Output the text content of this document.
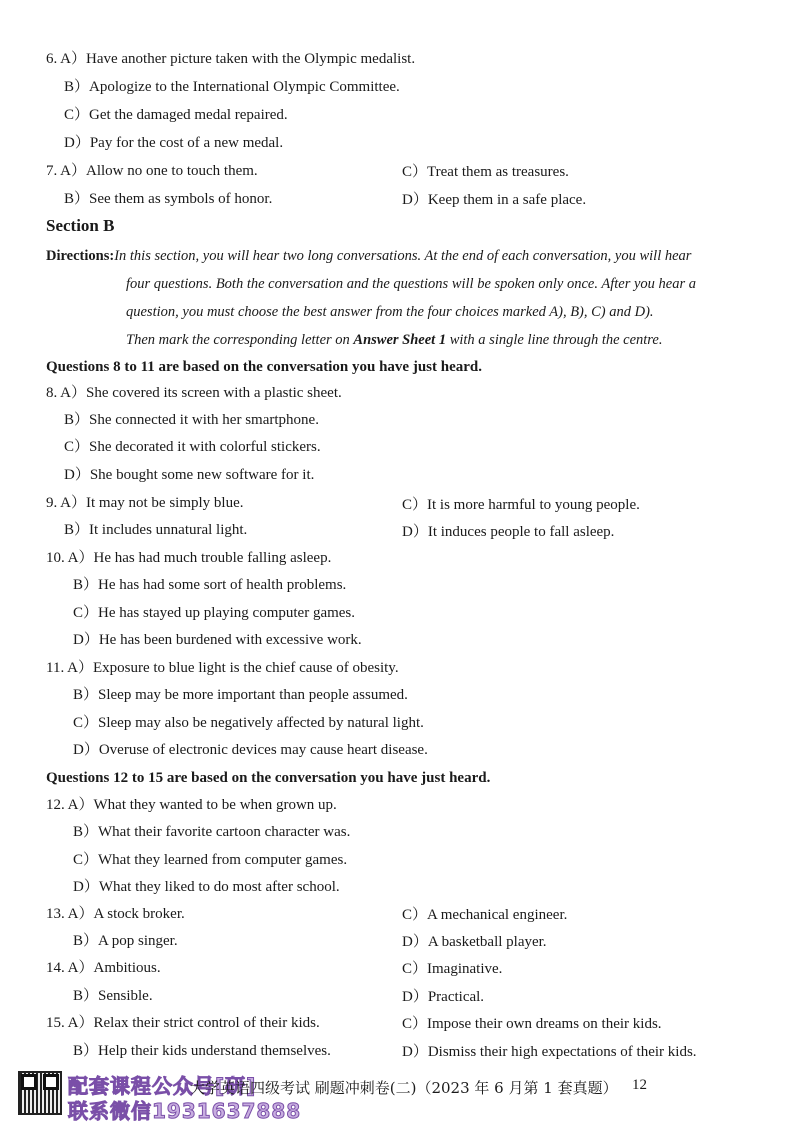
6. A）Have another picture taken with the Olympic medalist.
B）Apologize to the International Olympic Committee.
C）Get the damaged medal repaired.
D）Pay for the cost of a new medal.
7. A）Allow no one to touch them.	C）Treat them as treasures.
B）See them as symbols of honor.	D）Keep them in a safe place.
Section B
Directions:In this section, you will hear two long conversations. At the end of each conversation, you will hear
four questions. Both the conversation and the questions will be spoken only once. After you hear a
question, you must choose the best answer from the four choices marked A), B), C) and D).
Then mark the corresponding letter on Answer Sheet 1 with a single line through the centre.
Questions 8 to 11 are based on the conversation you have just heard.
8. A）She covered its screen with a plastic sheet.
B）She connected it with her smartphone.
C）She decorated it with colorful stickers.
D）She bought some new software for it.
9. A）It may not be simply blue.	C）It is more harmful to young people.
B）It includes unnatural light.	D）It induces people to fall asleep.
10. A）He has had much trouble falling asleep.
B）He has had some sort of health problems.
C）He has stayed up playing computer games.
D）He has been burdened with excessive work.
11. A）Exposure to blue light is the chief cause of obesity.
B）Sleep may be more important than people assumed.
C）Sleep may also be negatively affected by natural light.
D）Overuse of electronic devices may cause heart disease.
Questions 12 to 15 are based on the conversation you have just heard.
12. A）What they wanted to be when grown up.
B）What their favorite cartoon character was.
C）What they learned from computer games.
D）What they liked to do most after school.
13. A）A stock broker.	C）A mechanical engineer.
B）A pop singer.	D）A basketball player.
14. A）Ambitious.	C）Imaginative.
B）Sensible.	D）Practical.
15. A）Relax their strict control of their kids.	C）Impose their own dreams on their kids.
B）Help their kids understand themselves.	D）Dismiss their high expectations of their kids.
配套课程公众号[研]
联系微信1931637888
大学英语四级考试 刷题冲刺卷(二)（2023 年 6 月第 1 套真题） 12
